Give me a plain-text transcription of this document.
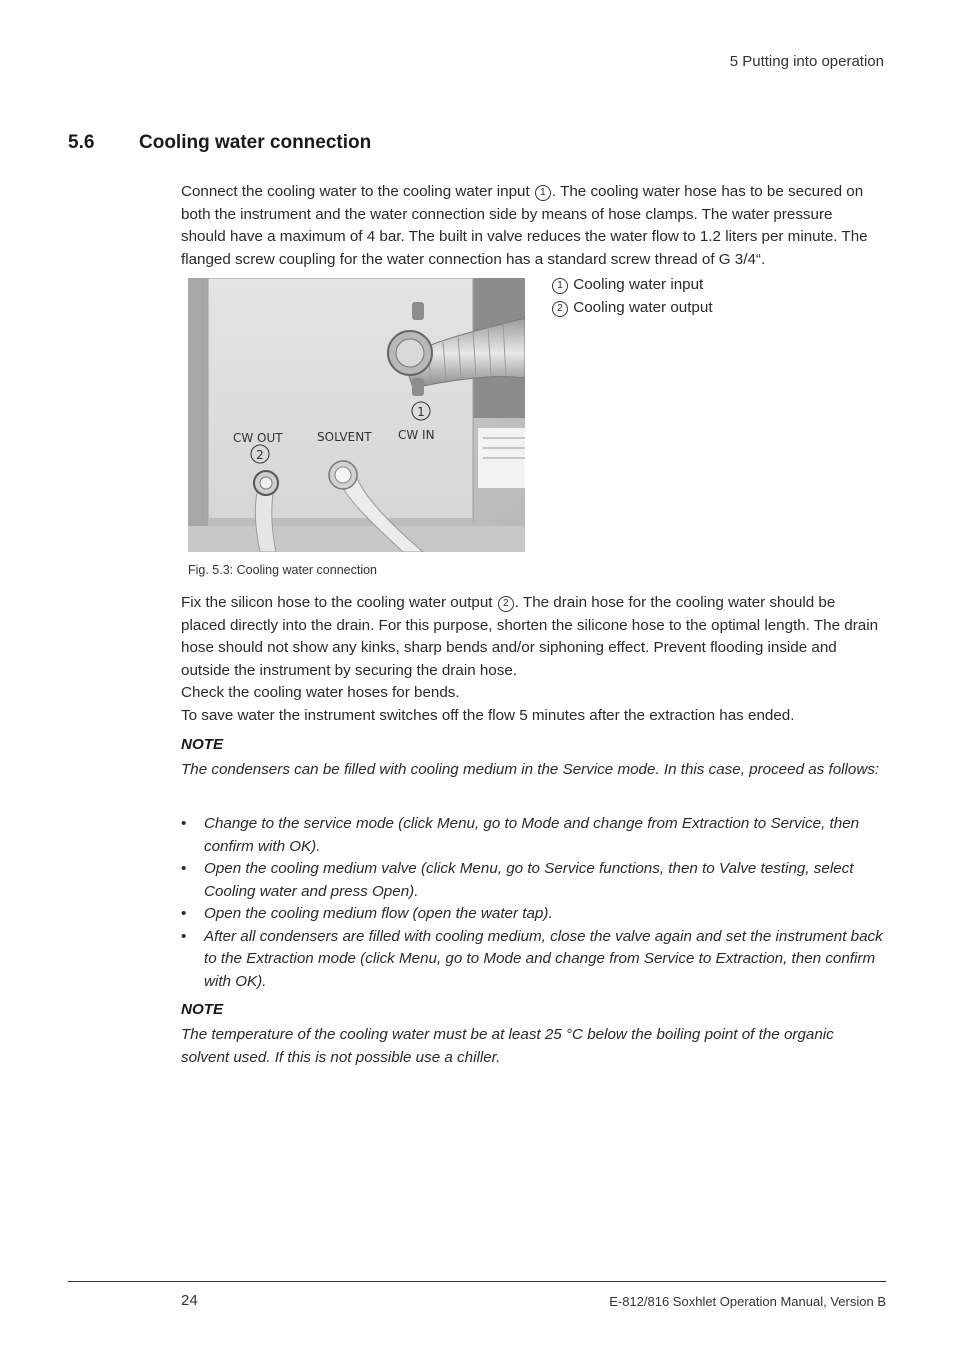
5 Putting into operation
5.6 Cooling water connection
Connect the cooling water to the cooling water input 1 . The cooling water hose has to be secured on both the instrument and the water connection side by means of hose clamps. The water pressure should have a maximum of 4 bar. The built in valve reduces the water flow to 1.2 liters per minute. The flanged screw coupling for the water connection has a standard screw thread of G 3/4“.
CW OUT	SOLVENT CW IN
1
2
1 Cooling water input
2 Cooling water output
Fig. 5.3: Cooling water connection
Fix the silicon hose to the cooling water output 2 . The drain hose for the cooling water should be placed directly into the drain. For this purpose, shorten the silicone hose to the optimal length. The drain hose should not show any kinks, sharp bends and/or siphoning effect. Prevent flooding inside and outside the instrument by securing the drain hose.
Check the cooling water hoses for bends.
To save water the instrument switches off the flow 5 minutes after the extraction has ended.
NOTE
The condensers can be filled with cooling medium in the Service mode. In this case, proceed as follows:
• Change to the service mode (click Menu, go to Mode and change from Extraction to Service, then confirm with OK).
• Open the cooling medium valve (click Menu, go to Service functions, then to Valve testing, select Cooling water and press Open).
• Open the cooling medium flow (open the water tap).
• After all condensers are filled with cooling medium, close the valve again and set the instrument back to the Extraction mode (click Menu, go to Mode and change from Service to Extraction, then confirm with OK).
NOTE
The temperature of the cooling water must be at least 25 °C below the boiling point of the organic solvent used. If this is not possible use a chiller.
24	E-812/816 Soxhlet Operation Manual, Version B
